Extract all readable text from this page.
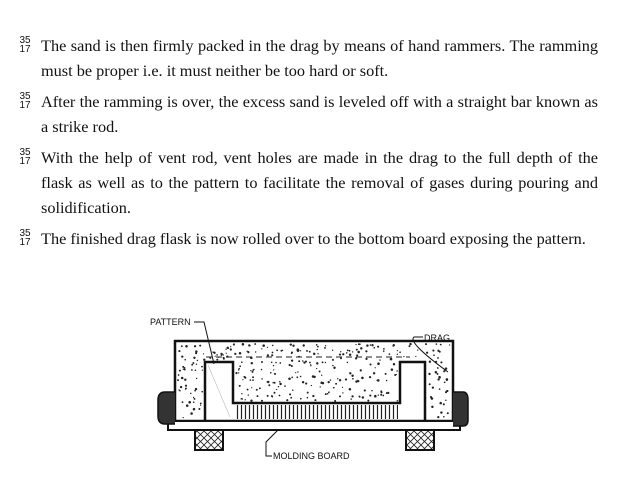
35
17 The sand is then firmly packed in the drag by means of hand rammers. The ramming must be proper i.e. it must neither be too hard or soft.
35
17 After the ramming is over, the excess sand is leveled off with a straight bar known as a strike rod.
35
17 With the help of vent rod, vent holes are made in the drag to the full depth of the flask as well as to the pattern to facilitate the removal of gases during pouring and solidification.
35
17 The finished drag flask is now rolled over to the bottom board exposing the pattern.
PATTERN
DRAG
MOLDING BOARD
